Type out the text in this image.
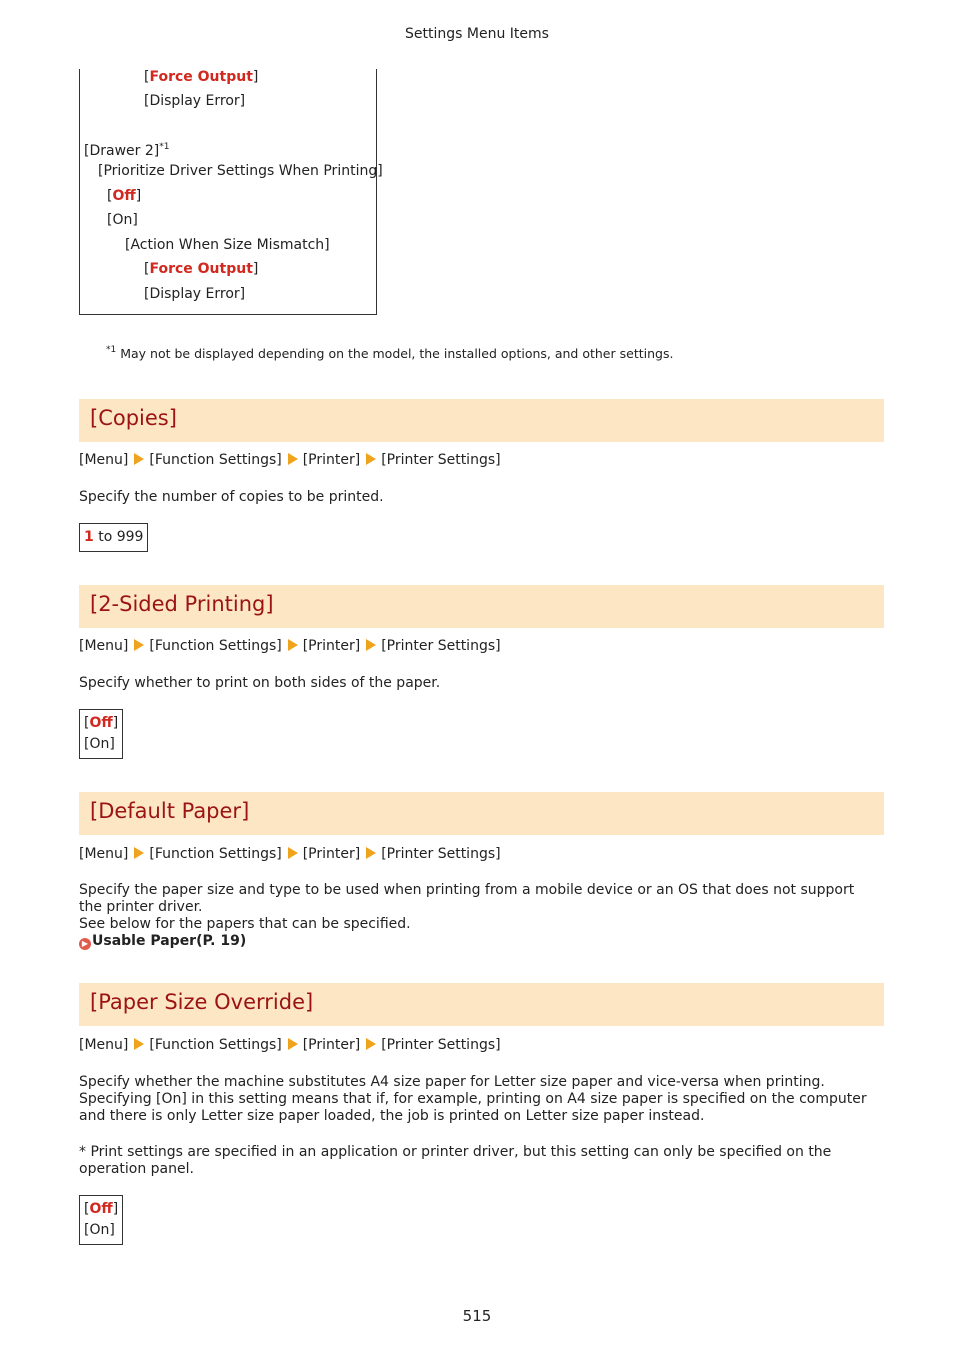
Settings Menu Items
[Force Output]
[Display Error]
[Drawer 2]$^{*1}$
[Prioritize Driver Settings When Printing]
[Off]
[On]
[Action When Size Mismatch]
[Force Output]
[Display Error]
$^{*1}$ May not be displayed depending on the model, the installed options, and other settings.
[Copies]
[Menu] [Function Settings] [Printer] [Printer Settings]
Specify the number of copies to be printed.
1 to 999
[2-Sided Printing]
[Menu] [Function Settings] [Printer] [Printer Settings]
Specify whether to print on both sides of the paper.
[Off]
[On]
[Default Paper]
[Menu] [Function Settings] [Printer] [Printer Settings]

Specify the paper size and type to be used when printing from a mobile device or an OS that does not support the printer driver.

See below for the papers that can be specified.

▶ Usable Paper(P. 19)

[Paper Size Override]
[Menu] [Function Settings] [Printer] [Printer Settings]
Specify whether the machine substitutes A4 size paper for Letter size paper and vice-versa when printing. Specifying [On] in this setting means that if, for example, printing on A4 size paper is specified on the computer and there is only Letter size paper loaded, the job is printed on Letter size paper instead.
* Print settings are specified in an application or printer driver, but this setting can only be specified on the operation panel.
[Off]
[On]
515
